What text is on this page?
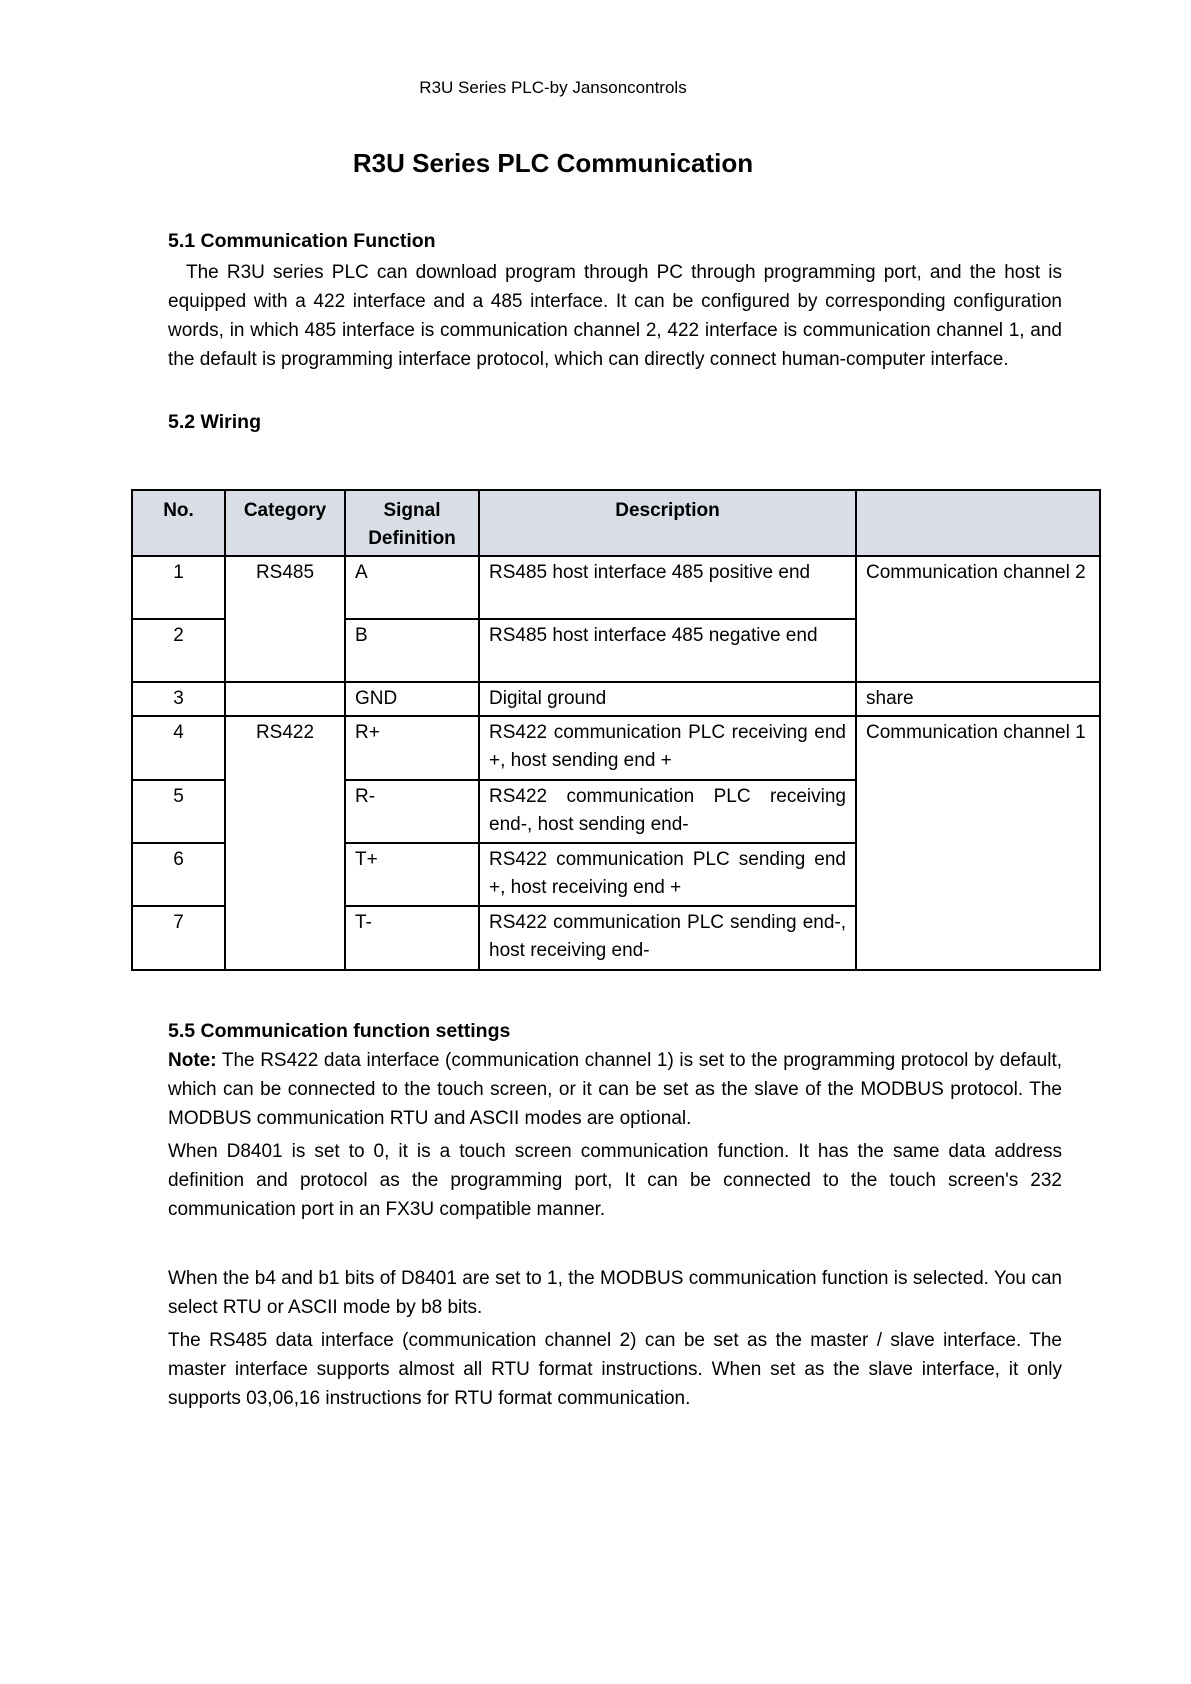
R3U Series PLC-by Jansoncontrols

R3U Series PLC Communication

5.1 Communication Function

The R3U series PLC can download program through PC through programming port, and the host is equipped with a 422 interface and a 485 interface. It can be configured by corresponding configuration words, in which 485 interface is communication channel 2, 422 interface is communication channel 1, and the default is programming interface protocol, which can directly connect human-computer interface.

5.2 Wiring

No.	Category	Signal Definition	Description	
1	RS485	A	RS485 host interface 485 positive end	Communication channel 2
2		B	RS485 host interface 485 negative end	
3		GND	Digital ground	share
4	RS422	R+	RS422 communication PLC receiving end +, host sending end +	Communication channel 1
5		R-	RS422 communication PLC receiving end-, host sending end-	
6		T+	RS422 communication PLC sending end +, host receiving end +	
7		T-	RS422 communication PLC sending end-, host receiving end-	

5.5 Communication function settings

Note: The RS422 data interface (communication channel 1) is set to the programming protocol by default, which can be connected to the touch screen, or it can be set as the slave of the MODBUS protocol. The MODBUS communication RTU and ASCII modes are optional.

When D8401 is set to 0, it is a touch screen communication function. It has the same data address definition and protocol as the programming port, It can be connected to the touch screen's 232 communication port in an FX3U compatible manner.

When the b4 and b1 bits of D8401 are set to 1, the MODBUS communication function is selected. You can select RTU or ASCII mode by b8 bits.

The RS485 data interface (communication channel 2) can be set as the master / slave interface. The master interface supports almost all RTU format instructions. When set as the slave interface, it only supports 03,06,16 instructions for RTU format communication.
